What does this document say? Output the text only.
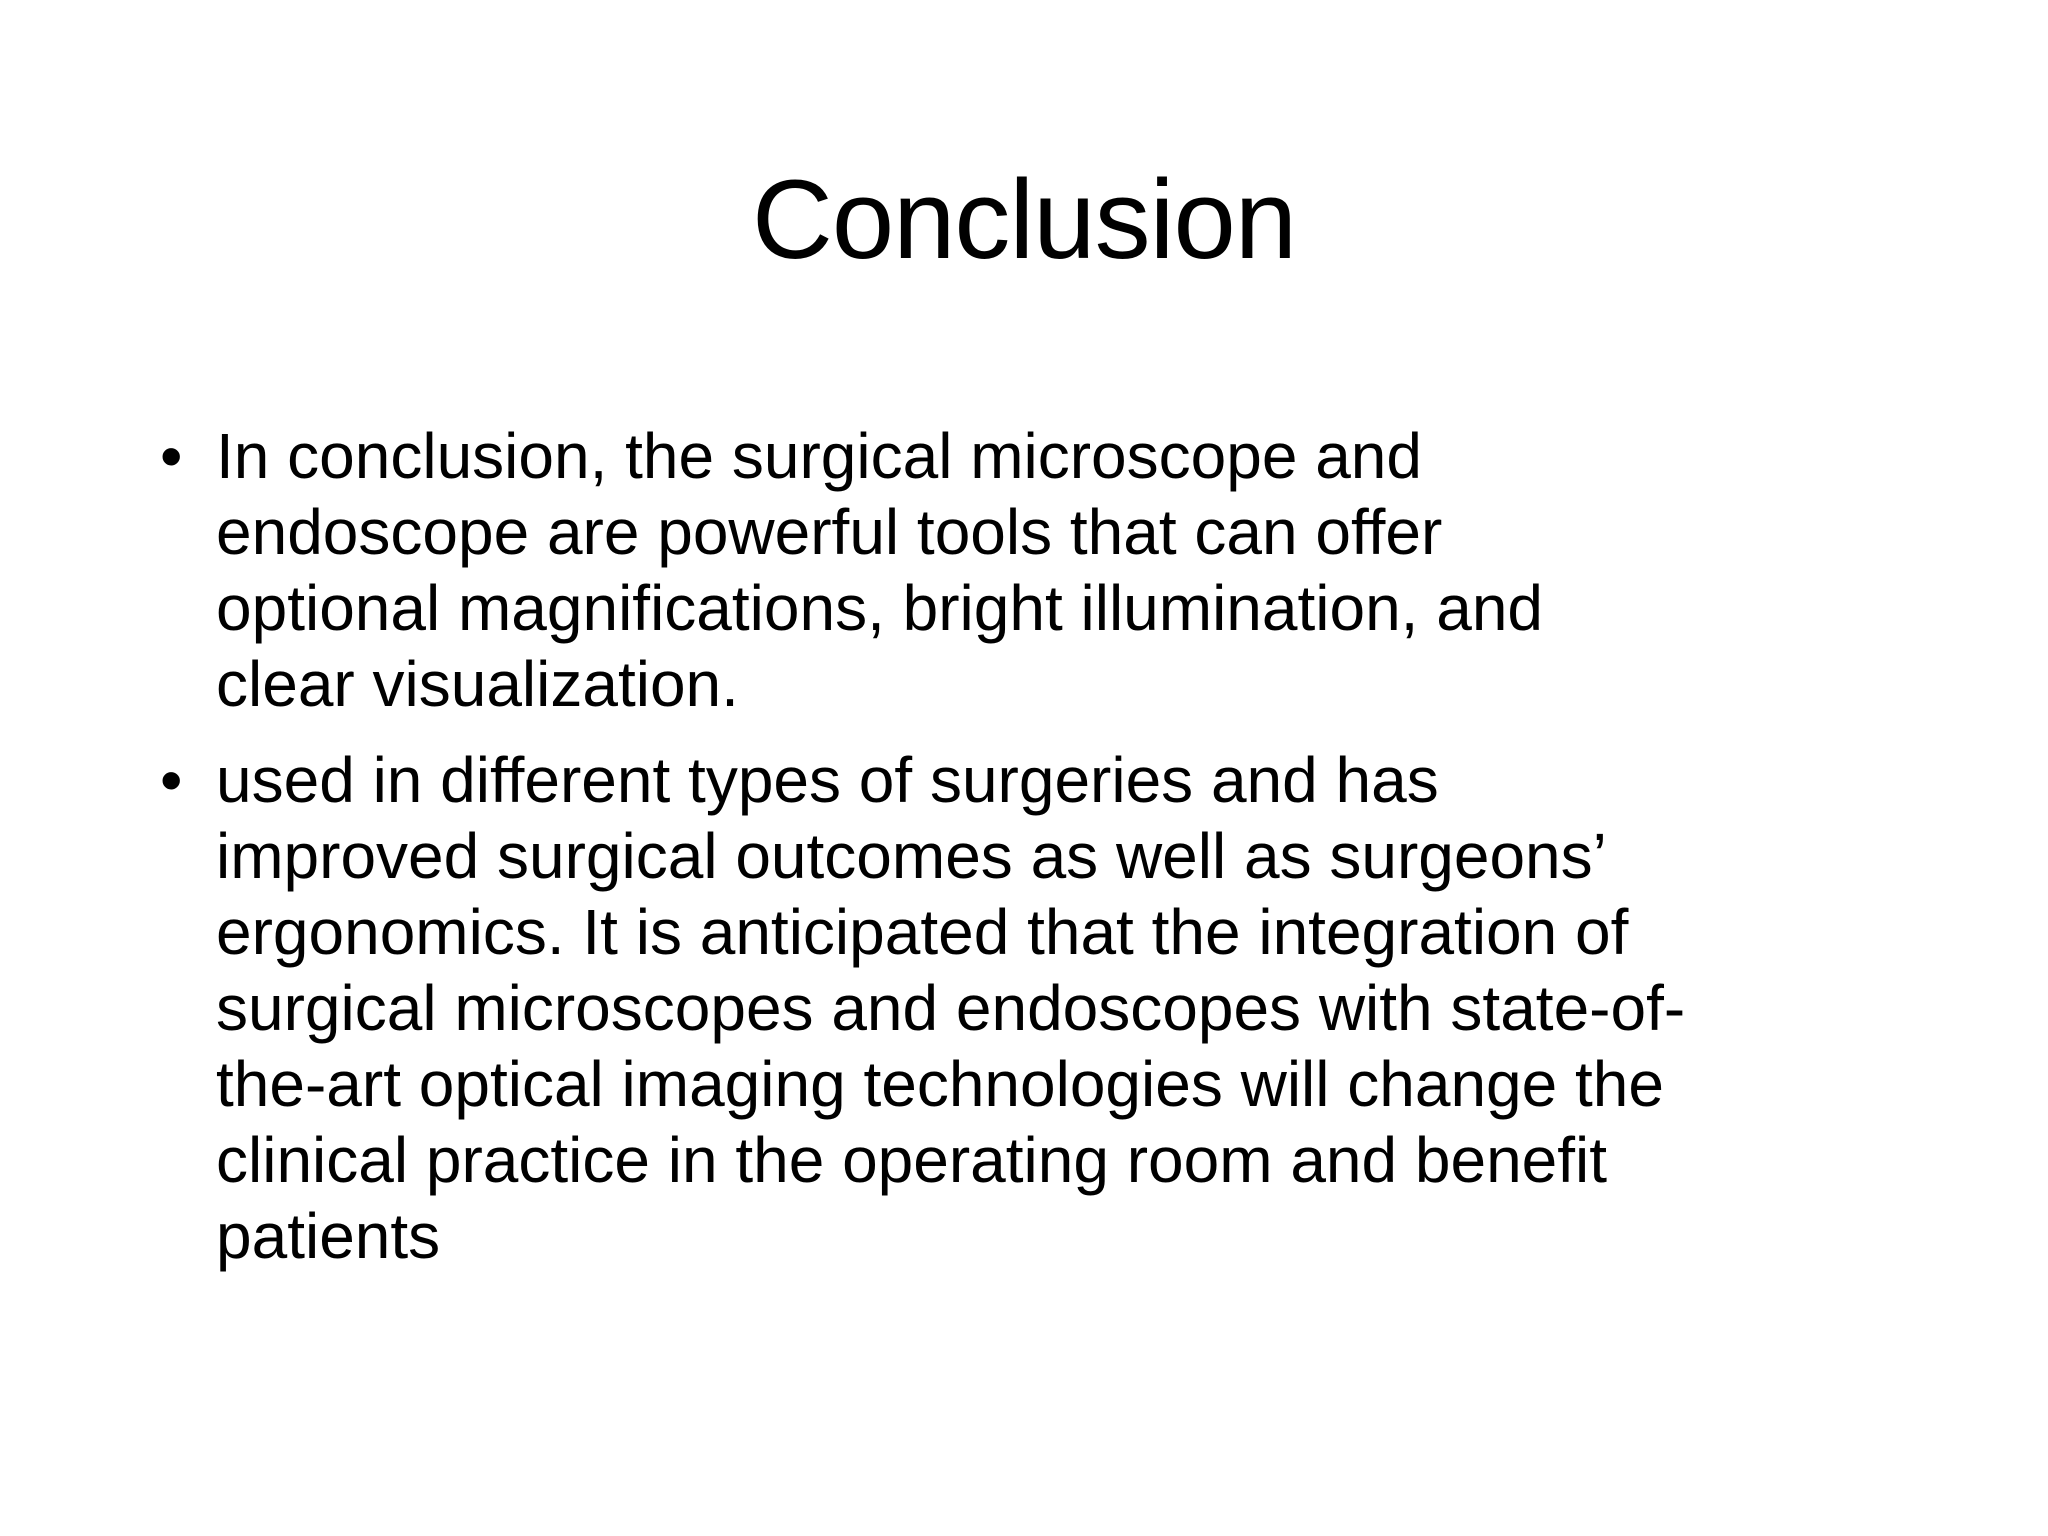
Conclusion
• In conclusion, the surgical microscope and
endoscope are powerful tools that can offer
optional magnifications, bright illumination, and
clear visualization.
• used in different types of surgeries and has
improved surgical outcomes as well as surgeons’
ergonomics. It is anticipated that the integration of
surgical microscopes and endoscopes with state-of-
the-art optical imaging technologies will change the
clinical practice in the operating room and benefit
patients
